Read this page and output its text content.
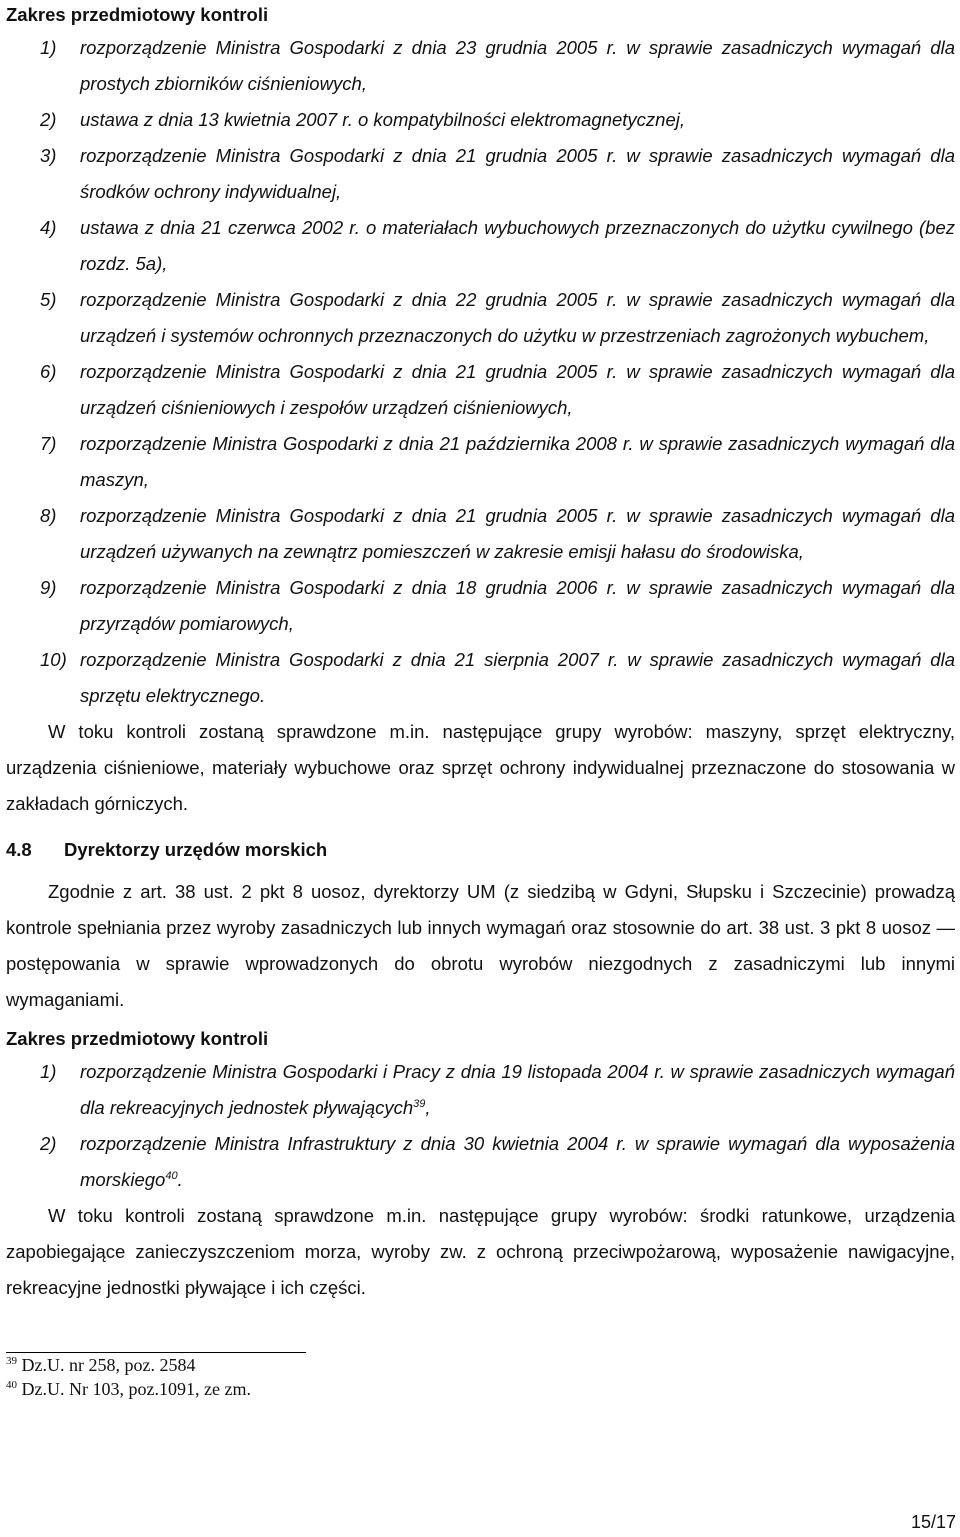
Zakres przedmiotowy kontroli

1) rozporządzenie Ministra Gospodarki z dnia 23 grudnia 2005 r. w sprawie zasadniczych wymagań dla prostych zbiorników ciśnieniowych,
2) ustawa z dnia 13 kwietnia 2007 r. o kompatybilności elektromagnetycznej,
3) rozporządzenie Ministra Gospodarki z dnia 21 grudnia 2005 r. w sprawie zasadniczych wymagań dla środków ochrony indywidualnej,
4) ustawa z dnia 21 czerwca 2002 r. o materiałach wybuchowych przeznaczonych do użytku cywilnego (bez rozdz. 5a),
5) rozporządzenie Ministra Gospodarki z dnia 22 grudnia 2005 r. w sprawie zasadniczych wymagań dla urządzeń i systemów ochronnych przeznaczonych do użytku w przestrzeniach zagrożonych wybuchem,
6) rozporządzenie Ministra Gospodarki z dnia 21 grudnia 2005 r. w sprawie zasadniczych wymagań dla urządzeń ciśnieniowych i zespołów urządzeń ciśnieniowych,
7) rozporządzenie Ministra Gospodarki z dnia 21 października 2008 r. w sprawie zasadniczych wymagań dla maszyn,
8) rozporządzenie Ministra Gospodarki z dnia 21 grudnia 2005 r. w sprawie zasadniczych wymagań dla urządzeń używanych na zewnątrz pomieszczeń w zakresie emisji hałasu do środowiska,
9) rozporządzenie Ministra Gospodarki z dnia 18 grudnia 2006 r. w sprawie zasadniczych wymagań dla przyrządów pomiarowych,
10) rozporządzenie Ministra Gospodarki z dnia 21 sierpnia 2007 r. w sprawie zasadniczych wymagań dla sprzętu elektrycznego.

W toku kontroli zostaną sprawdzone m.in. następujące grupy wyrobów: maszyny, sprzęt elektryczny, urządzenia ciśnieniowe, materiały wybuchowe oraz sprzęt ochrony indywidualnej przeznaczone do stosowania w zakładach górniczych.

4.8 Dyrektorzy urzędów morskich

Zgodnie z art. 38 ust. 2 pkt 8 uosoz, dyrektorzy UM (z siedzibą w Gdyni, Słupsku i Szczecinie) prowadzą kontrole spełniania przez wyroby zasadniczych lub innych wymagań oraz stosownie do art. 38 ust. 3 pkt 8 uosoz — postępowania w sprawie wprowadzonych do obrotu wyrobów niezgodnych z zasadniczymi lub innymi wymaganiami.

Zakres przedmiotowy kontroli

1) rozporządzenie Ministra Gospodarki i Pracy z dnia 19 listopada 2004 r. w sprawie zasadniczych wymagań dla rekreacyjnych jednostek pływających$^{39}$,
2) rozporządzenie Ministra Infrastruktury z dnia 30 kwietnia 2004 r. w sprawie wymagań dla wyposażenia morskiego$^{40}$.

W toku kontroli zostaną sprawdzone m.in. następujące grupy wyrobów: środki ratunkowe, urządzenia zapobiegające zanieczyszczeniom morza, wyroby zw. z ochroną przeciwpożarową, wyposażenie nawigacyjne, rekreacyjne jednostki pływające i ich części.

$^{39}$ Dz.U. nr 258, poz. 2584

$^{40}$ Dz.U. Nr 103, poz.1091, ze zm.

15/17
